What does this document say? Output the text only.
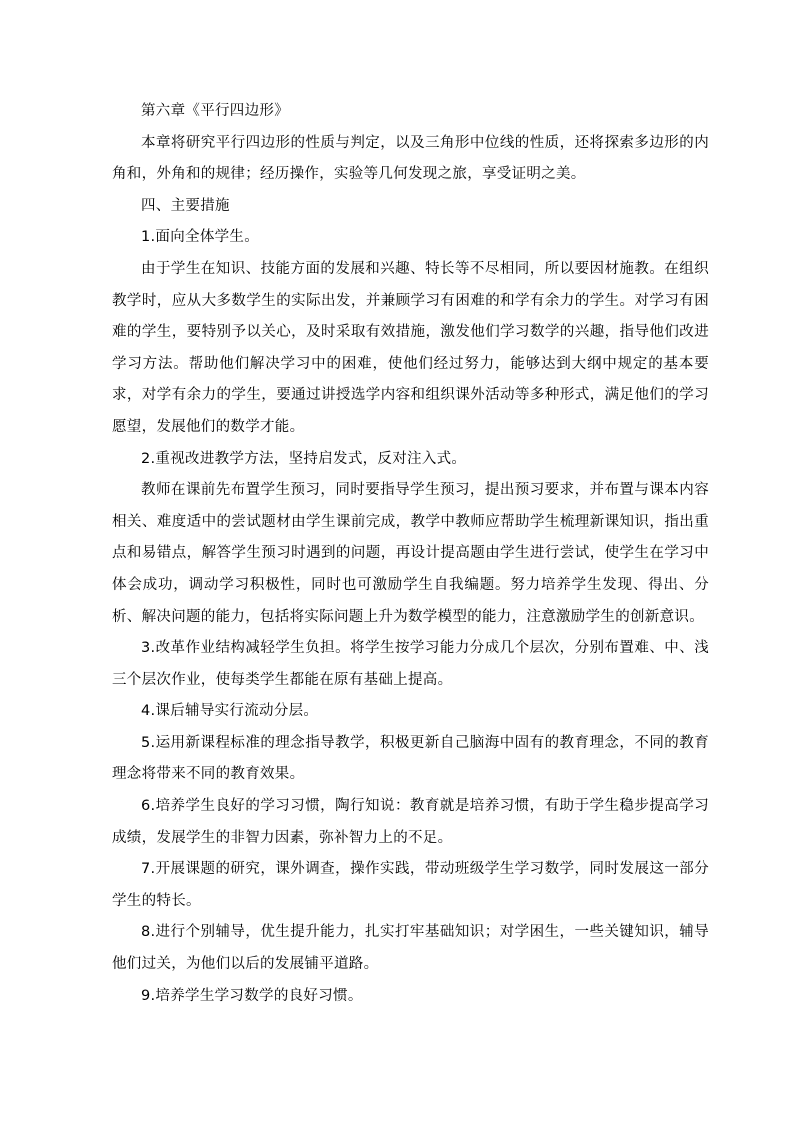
第六章《平行四边形》

本章将研究平行四边形的性质与判定，以及三角形中位线的性质，还将探索多边形的内角和，外角和的规律；经历操作，实验等几何发现之旅，享受证明之美。

四、主要措施

1.面向全体学生。

由于学生在知识、技能方面的发展和兴趣、特长等不尽相同，所以要因材施教。在组织教学时，应从大多数学生的实际出发，并兼顾学习有困难的和学有余力的学生。对学习有困难的学生，要特别予以关心，及时采取有效措施，激发他们学习数学的兴趣，指导他们改进学习方法。帮助他们解决学习中的困难，使他们经过努力，能够达到大纲中规定的基本要求，对学有余力的学生，要通过讲授选学内容和组织课外活动等多种形式，满足他们的学习愿望，发展他们的数学才能。

2.重视改进教学方法，坚持启发式，反对注入式。

教师在课前先布置学生预习，同时要指导学生预习，提出预习要求，并布置与课本内容相关、难度适中的尝试题材由学生课前完成，教学中教师应帮助学生梳理新课知识，指出重点和易错点，解答学生预习时遇到的问题，再设计提高题由学生进行尝试，使学生在学习中体会成功，调动学习积极性，同时也可激励学生自我编题。努力培养学生发现、得出、分析、解决问题的能力，包括将实际问题上升为数学模型的能力，注意激励学生的创新意识。

3.改革作业结构减轻学生负担。将学生按学习能力分成几个层次，分别布置难、中、浅三个层次作业，使每类学生都能在原有基础上提高。

4.课后辅导实行流动分层。

5.运用新课程标准的理念指导教学，积极更新自己脑海中固有的教育理念，不同的教育理念将带来不同的教育效果。

6.培养学生良好的学习习惯，陶行知说：教育就是培养习惯，有助于学生稳步提高学习成绩，发展学生的非智力因素，弥补智力上的不足。

7.开展课题的研究，课外调查，操作实践，带动班级学生学习数学，同时发展这一部分学生的特长。

8.进行个别辅导，优生提升能力，扎实打牢基础知识；对学困生，一些关键知识，辅导他们过关，为他们以后的发展铺平道路。

9.培养学生学习数学的良好习惯。
